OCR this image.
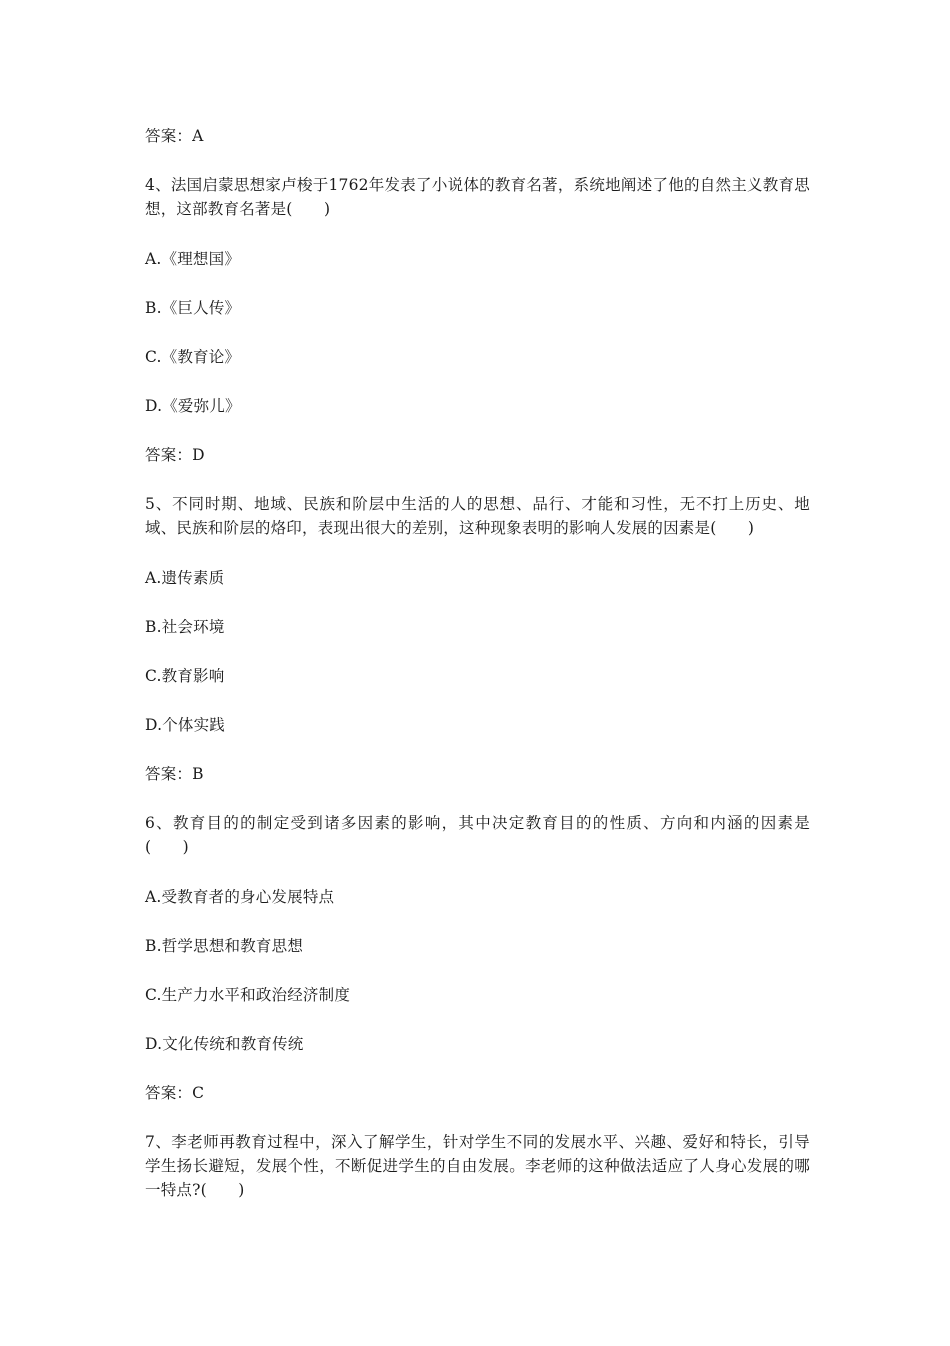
答案：A
4、法国启蒙思想家卢梭于1762年发表了小说体的教育名著，系统地阐述了他的自然主义教育思想，这部教育名著是(　　)
A.《理想国》
B.《巨人传》
C.《教育论》
D.《爱弥儿》
答案：D
5、不同时期、地域、民族和阶层中生活的人的思想、品行、才能和习性，无不打上历史、地域、民族和阶层的烙印，表现出很大的差别，这种现象表明的影响人发展的因素是(　　)
A.遗传素质
B.社会环境
C.教育影响
D.个体实践
答案：B
6、教育目的的制定受到诸多因素的影响，其中决定教育目的的性质、方向和内涵的因素是(　　)
A.受教育者的身心发展特点
B.哲学思想和教育思想
C.生产力水平和政治经济制度
D.文化传统和教育传统
答案：C
7、李老师再教育过程中，深入了解学生，针对学生不同的发展水平、兴趣、爱好和特长，引导学生扬长避短，发展个性，不断促进学生的自由发展。李老师的这种做法适应了人身心发展的哪一特点?(　　)
